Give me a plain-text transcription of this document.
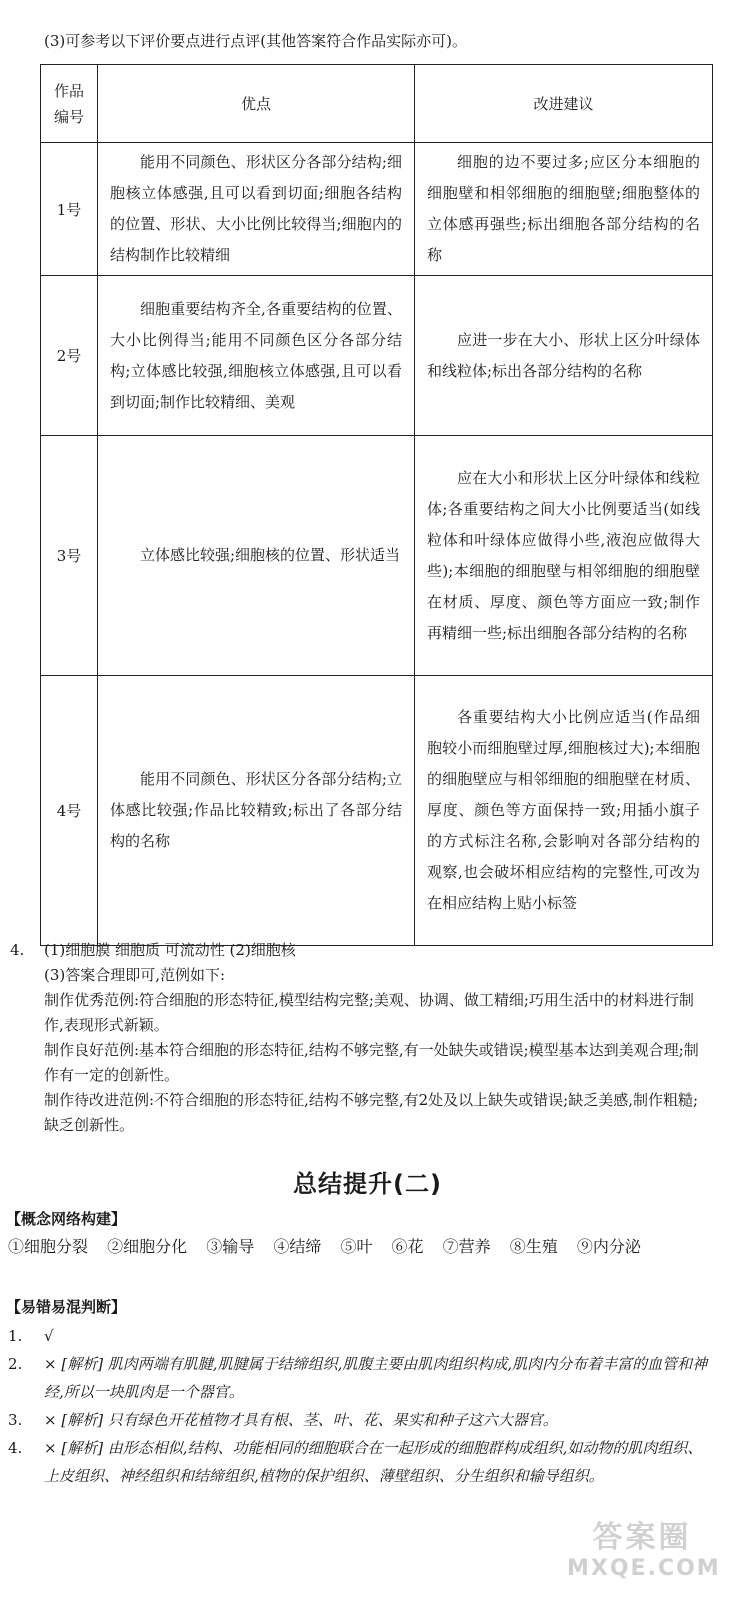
(3)可参考以下评价要点进行点评(其他答案符合作品实际亦可)。
作品
编号	优点	改进建议
1号	能用不同颜色、形状区分各部分结构;细胞核立体感强,且可以看到切面;细胞各结构的位置、形状、大小比例比较得当;细胞内的结构制作比较精细	细胞的边不要过多;应区分本细胞的细胞壁和相邻细胞的细胞壁;细胞整体的立体感再强些;标出细胞各部分结构的名称

2号	细胞重要结构齐全,各重要结构的位置、大小比例得当;能用不同颜色区分各部分结构;立体感比较强,细胞核立体感强,且可以看到切面;制作比较精细、美观	应进一步在大小、形状上区分叶绿体和线粒体;标出各部分结构的名称

3号	立体感比较强;细胞核的位置、形状适当	应在大小和形状上区分叶绿体和线粒体;各重要结构之间大小比例要适当(如线粒体和叶绿体应做得小些,液泡应做得大些);本细胞的细胞壁与相邻细胞的细胞壁在材质、厚度、颜色等方面应一致;制作再精细一些;标出细胞各部分结构的名称

4号	能用不同颜色、形状区分各部分结构;立体感比较强;作品比较精致;标出了各部分结构的名称	各重要结构大小比例应适当(作品细胞较小而细胞壁过厚,细胞核过大);本细胞的细胞壁应与相邻细胞的细胞壁在材质、厚度、颜色等方面保持一致;用插小旗子的方式标注名称,会影响对各部分结构的观察,也会破坏相应结构的完整性,可改为在相应结构上贴小标签
4. (1)细胞膜 细胞质 可流动性 (2)细胞核

(3)答案合理即可,范例如下:

制作优秀范例:符合细胞的形态特征,模型结构完整;美观、协调、做工精细;巧用生活中的材料进行制作,表现形式新颖。

制作良好范例:基本符合细胞的形态特征,结构不够完整,有一处缺失或错误;模型基本达到美观合理;制作有一定的创新性。

制作待改进范例:不符合细胞的形态特征,结构不够完整,有2处及以上缺失或错误;缺乏美感,制作粗糙;缺乏创新性。

总结提升(二)
【概念网络构建】
①细胞分裂 ②细胞分化 ③输导 ④结缔 ⑤叶 ⑥花 ⑦营养 ⑧生殖 ⑨内分泌
【易错易混判断】
1. √
2. × [解析] 肌肉两端有肌腱,肌腱属于结缔组织,肌腹主要由肌肉组织构成,肌肉内分布着丰富的血管和神经,所以一块肌肉是一个器官。
3. × [解析] 只有绿色开花植物才具有根、茎、叶、花、果实和种子这六大器官。
4. × [解析] 由形态相似,结构、功能相同的细胞联合在一起形成的细胞群构成组织,如动物的肌肉组织、上皮组织、神经组织和结缔组织,植物的保护组织、薄壁组织、分生组织和输导组织。
答案圈
MXQE.COM
